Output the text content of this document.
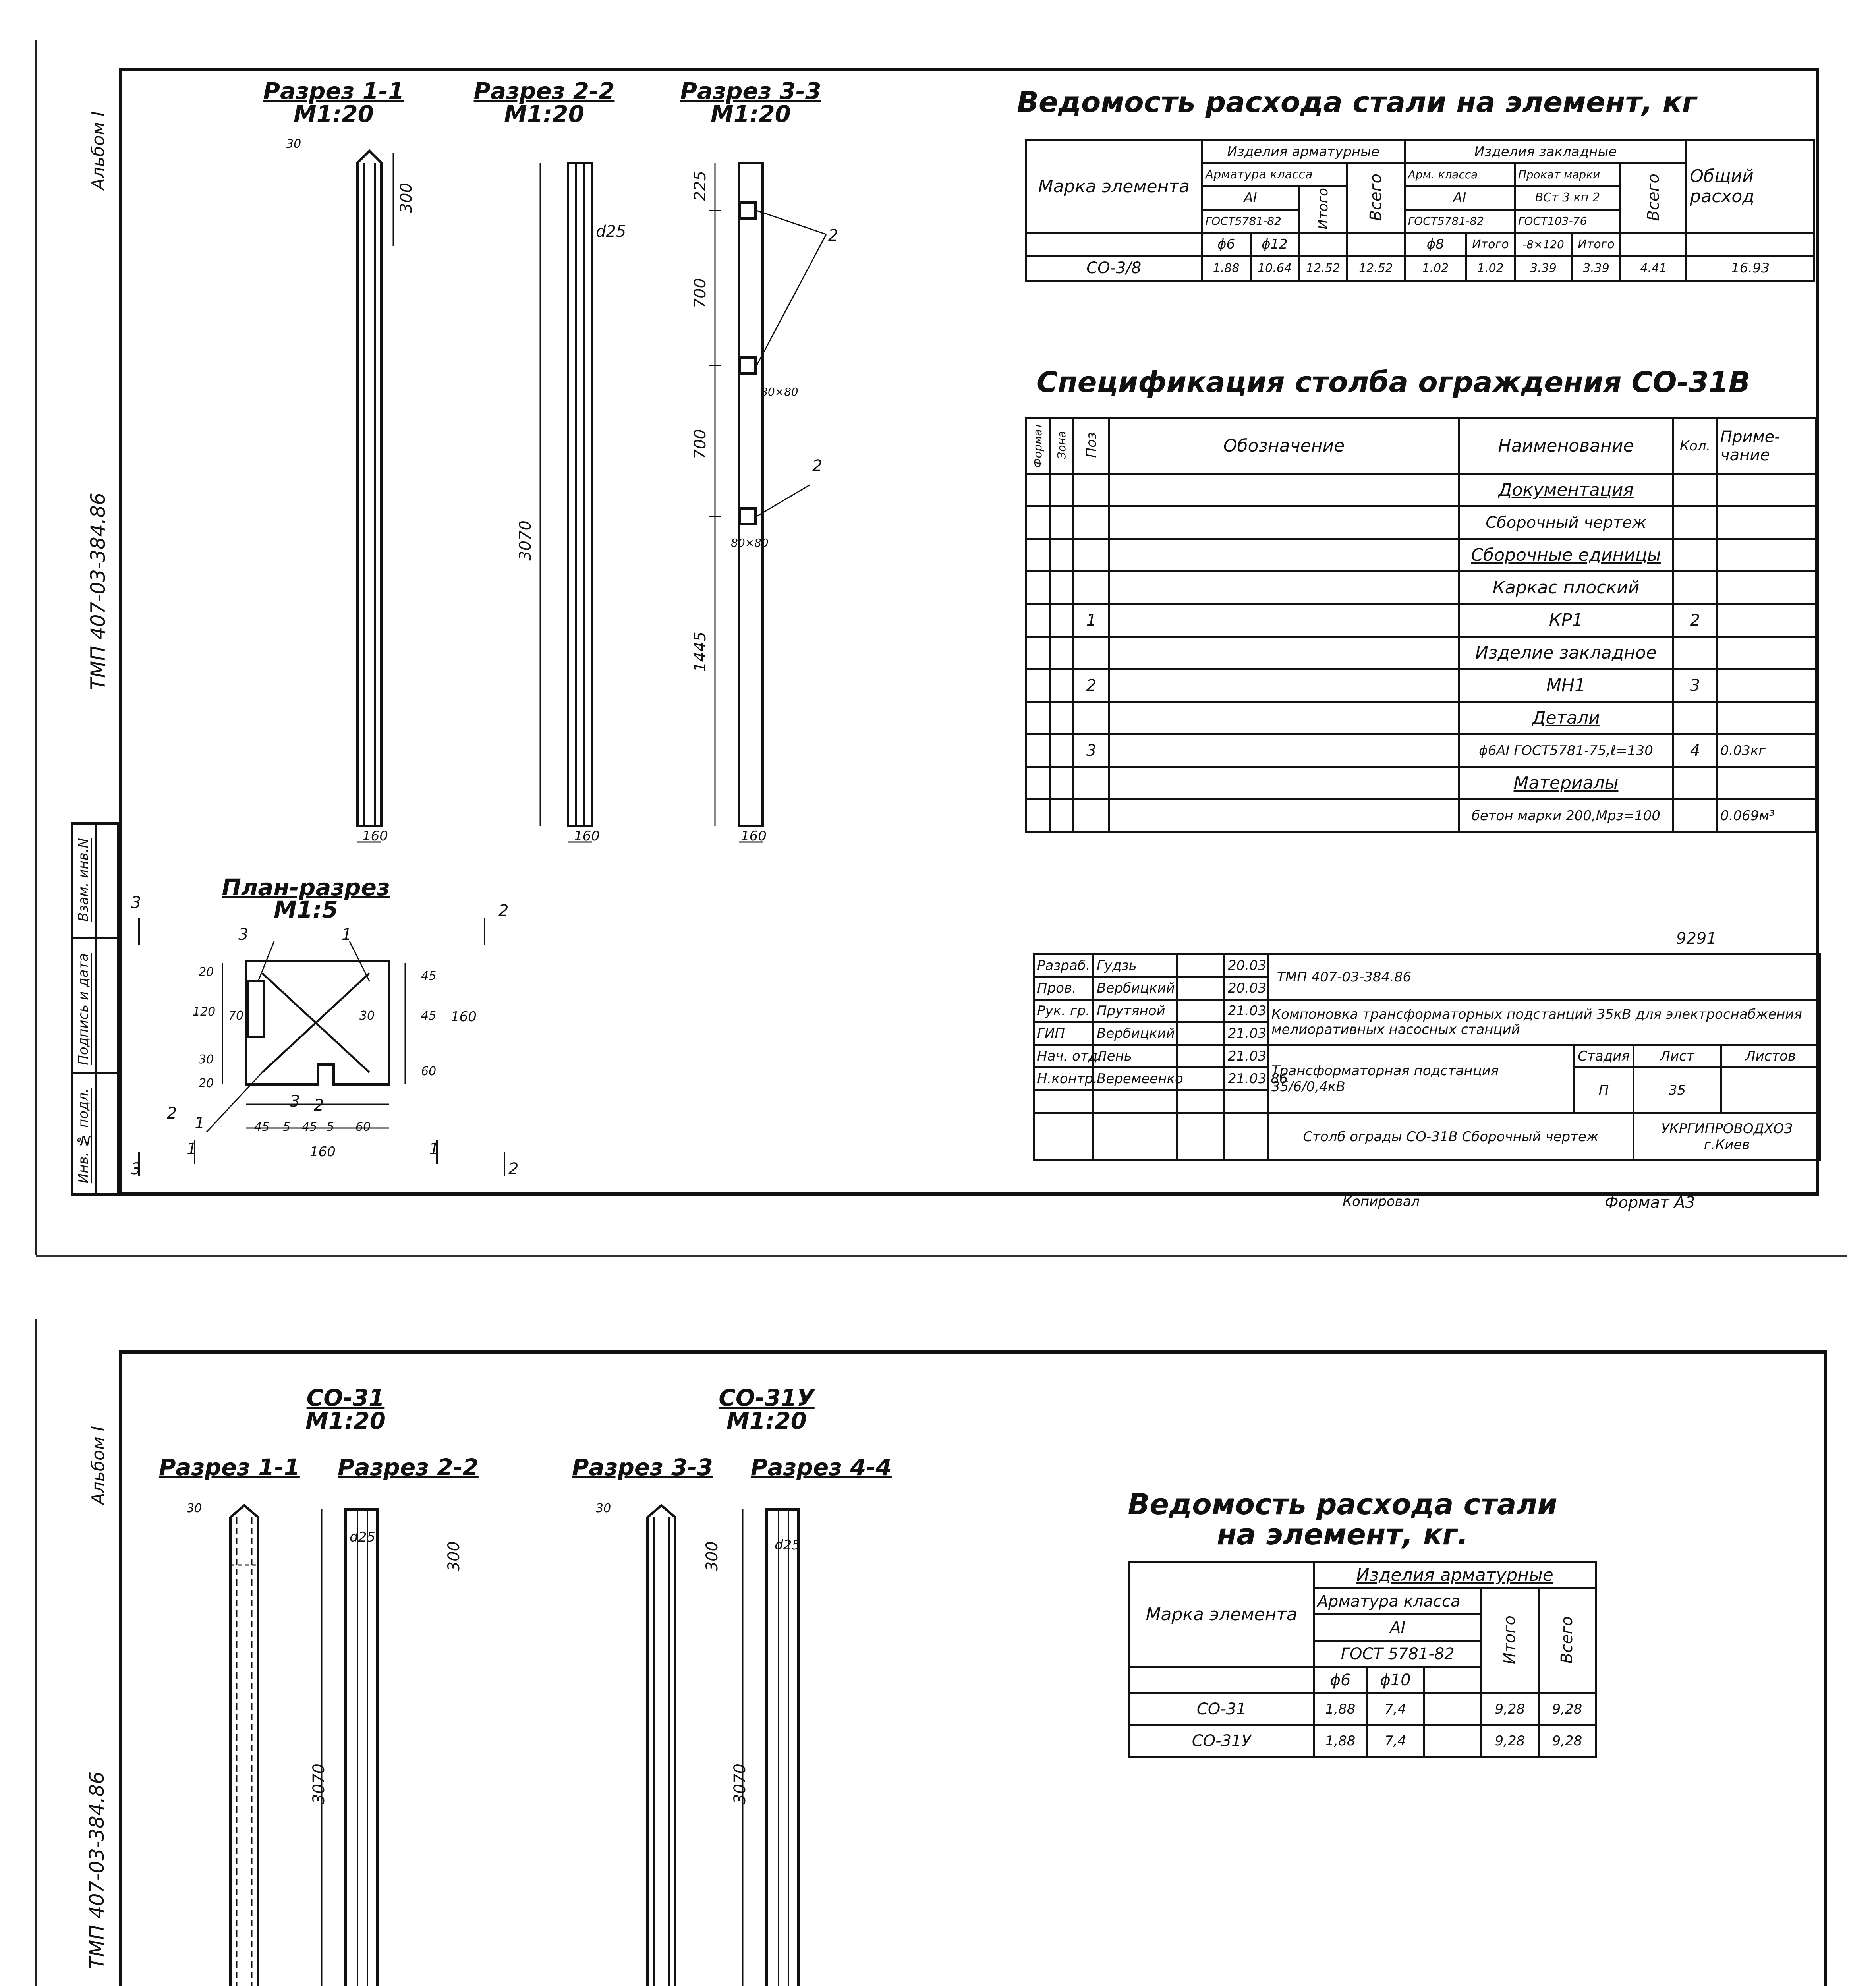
Взам. инв.N
Подпись и дата
Инв. № подл.
Альбом I
ТМП 407-03-384.86
Разрез 1-1
М1:20
Разрез 2-2
М1:20
Разрез 3-3
М1:20
30
300
160
d25
3070
160
225
700
700
1445
160
2
2
80×80
80×80
План-разрез
М1:5
3	1
1
2	2
3
20
120 70
30
20
45
45
60
160
45 5 45 5 60
160
30
3	2
1	1
2
3
Ведомость расхода стали на элемент, кг
Марка элемента	Изделия арматурные				Изделия закладные					Общий расход
	Арматура класса			Всего	Арм. класса		Прокат марки		Всего	
	AI		Итого		AI		ВСт 3 кп 2			
	ГОСТ5781-82				ГОСТ5781-82		ГОСТ103-76			
	ϕ6	ϕ12			ϕ8	Итого	-8×120	Итого		
СО-3/8	1.88	10.64	12.52	12.52	1.02	1.02	3.39	3.39	4.41	16.93
Спецификация столба ограждения СО-31В
Формат	Зона	Поз	Обозначение	Наименование	Кол.	Приме- чание
				Документация		
				Сборочный чертеж		
				Сборочные единицы		
				Каркас плоский		
		1		КР1	2	
				Изделие закладное		
		2		МН1	3	
				Детали		
		3		ϕ6AI ГОСТ5781-75,ℓ=130	4	0.03кг
				Материалы		
				бетон марки 200,Мрз=100		0.069м³
9291
Разраб.	Гудзь		20.03	ТМП 407-03-384.86			
Пров.	Вербицкий		20.03				
Рук. гр.	Прутяной		21.03	Компоновка трансформаторных подстанций 35кВ для электроснабжения мелиоративных насосных станций			
ГИП	Вербицкий		21.03				
Нач. отд.	Лень		21.03	Трансформаторная подстанция 35/6/0,4кВ	Стадия	Лист	Листов
Н.контр.	Веремеенко		21.03.86		П	35	

				Столб ограды СО-31В Сборочный чертеж		УКРГИПРОВОДХОЗ г.Киев	
Копировал	Формат А3
Альбом I
ТМП 407-03-384.86
СО-31
М1:20
СО-31У
М1:20
Разрез 1-1 Разрез 2-2	Разрез 3-3 Разрез 4-4
30
d25
300
3070
30
300	d25
3070
Ведомость расхода стали на элемент, кг.
Марка элемента	Изделия арматурные				
	Арматура класса			Итого	Всего
	AI				
	ГОСТ 5781-82				
	ϕ6	ϕ10			
СО-31	1,88	7,4		9,28	9,28
СО-31У	1,88	7,4		9,28	9,28
